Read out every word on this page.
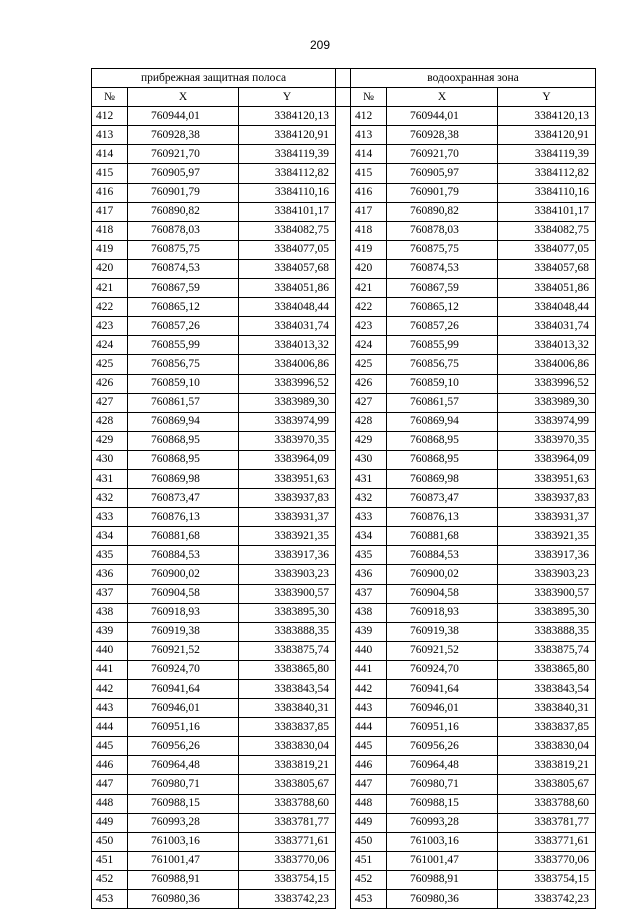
209
прибрежная защитная полоса				водоохранная зона		
№	X	Y		№	X	Y
412	760944,01	3384120,13		412	760944,01	3384120,13
413	760928,38	3384120,91		413	760928,38	3384120,91
414	760921,70	3384119,39		414	760921,70	3384119,39
415	760905,97	3384112,82		415	760905,97	3384112,82
416	760901,79	3384110,16		416	760901,79	3384110,16
417	760890,82	3384101,17		417	760890,82	3384101,17
418	760878,03	3384082,75		418	760878,03	3384082,75
419	760875,75	3384077,05		419	760875,75	3384077,05
420	760874,53	3384057,68		420	760874,53	3384057,68
421	760867,59	3384051,86		421	760867,59	3384051,86
422	760865,12	3384048,44		422	760865,12	3384048,44
423	760857,26	3384031,74		423	760857,26	3384031,74
424	760855,99	3384013,32		424	760855,99	3384013,32
425	760856,75	3384006,86		425	760856,75	3384006,86
426	760859,10	3383996,52		426	760859,10	3383996,52
427	760861,57	3383989,30		427	760861,57	3383989,30
428	760869,94	3383974,99		428	760869,94	3383974,99
429	760868,95	3383970,35		429	760868,95	3383970,35
430	760868,95	3383964,09		430	760868,95	3383964,09
431	760869,98	3383951,63		431	760869,98	3383951,63
432	760873,47	3383937,83		432	760873,47	3383937,83
433	760876,13	3383931,37		433	760876,13	3383931,37
434	760881,68	3383921,35		434	760881,68	3383921,35
435	760884,53	3383917,36		435	760884,53	3383917,36
436	760900,02	3383903,23		436	760900,02	3383903,23
437	760904,58	3383900,57		437	760904,58	3383900,57
438	760918,93	3383895,30		438	760918,93	3383895,30
439	760919,38	3383888,35		439	760919,38	3383888,35
440	760921,52	3383875,74		440	760921,52	3383875,74
441	760924,70	3383865,80		441	760924,70	3383865,80
442	760941,64	3383843,54		442	760941,64	3383843,54
443	760946,01	3383840,31		443	760946,01	3383840,31
444	760951,16	3383837,85		444	760951,16	3383837,85
445	760956,26	3383830,04		445	760956,26	3383830,04
446	760964,48	3383819,21		446	760964,48	3383819,21
447	760980,71	3383805,67		447	760980,71	3383805,67
448	760988,15	3383788,60		448	760988,15	3383788,60
449	760993,28	3383781,77		449	760993,28	3383781,77
450	761003,16	3383771,61		450	761003,16	3383771,61
451	761001,47	3383770,06		451	761001,47	3383770,06
452	760988,91	3383754,15		452	760988,91	3383754,15
453	760980,36	3383742,23		453	760980,36	3383742,23
